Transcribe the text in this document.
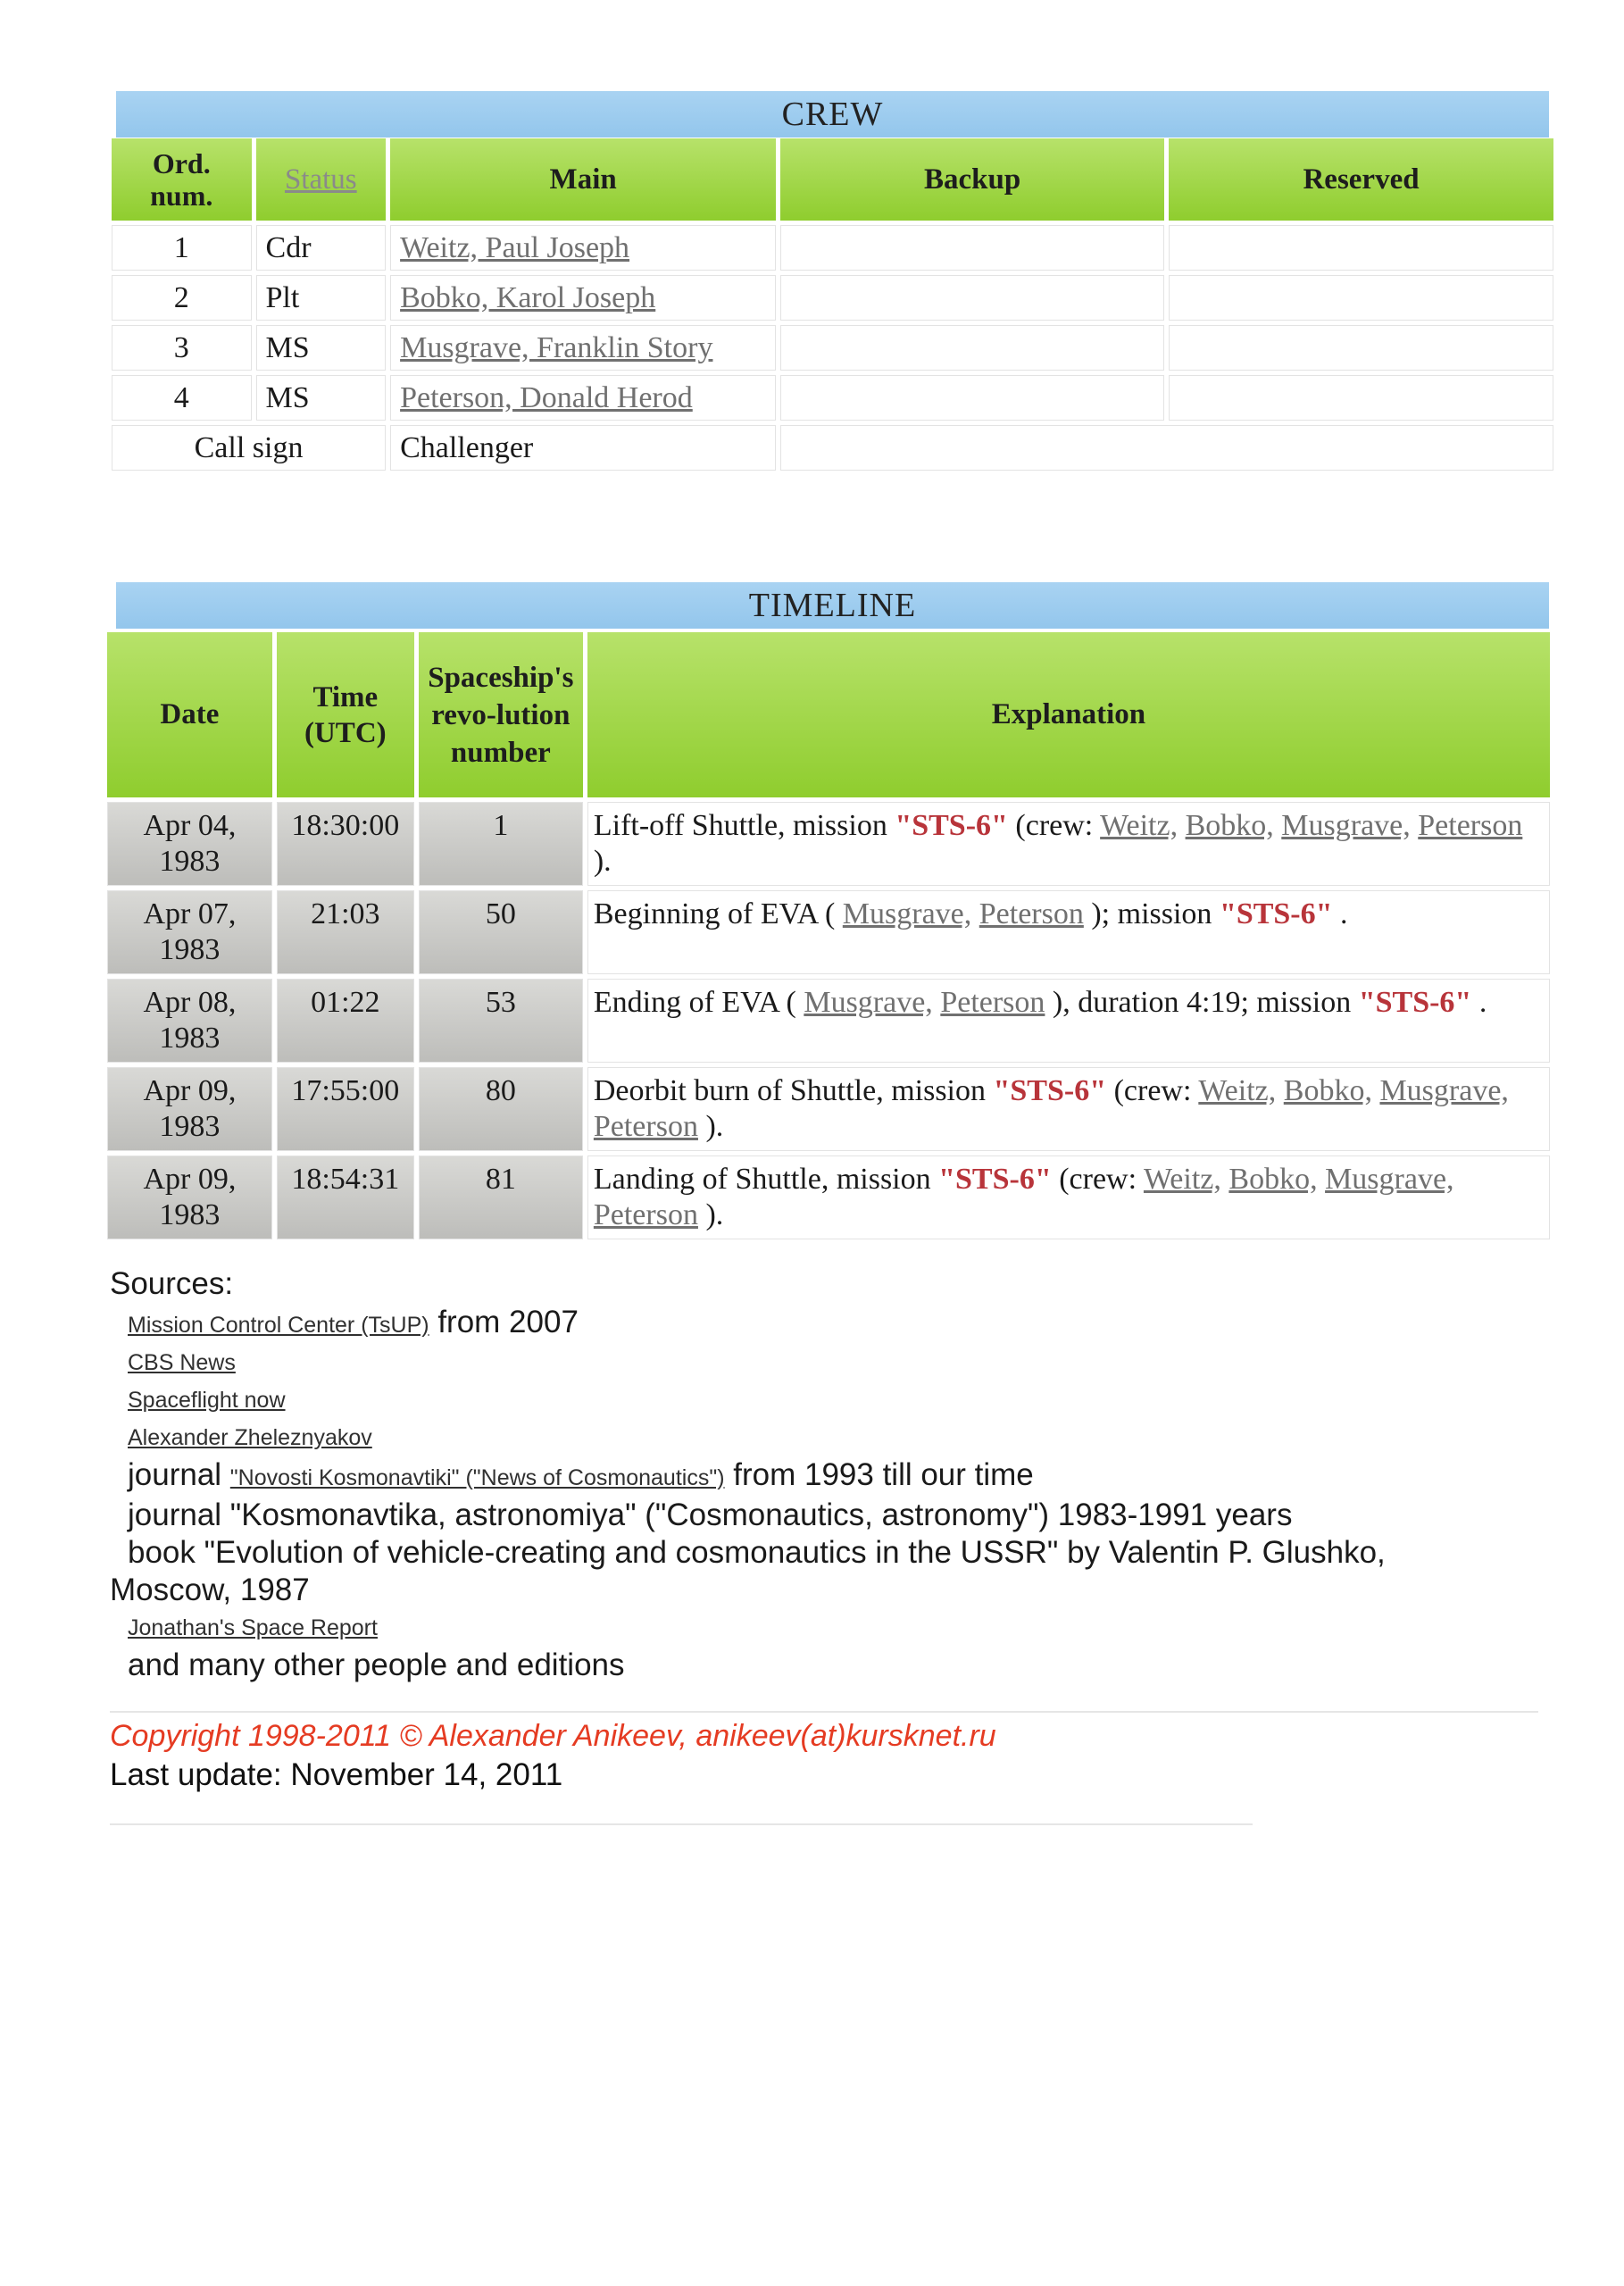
CREW
Ord. num.	Status	Main	Backup	Reserved
1	Cdr	Weitz, Paul Joseph		
2	Plt	Bobko, Karol Joseph		
3	MS	Musgrave, Franklin Story		
4	MS	Peterson, Donald Herod		
Call sign		Challenger		
TIMELINE
Date	Time (UTC)	Spaceship's revo-lution number	Explanation
Apr 04, 1983	18:30:00	1	Lift-off Shuttle, mission "STS-6" (crew: Weitz, Bobko, Musgrave, Peterson ).
Apr 07, 1983	21:03	50	Beginning of EVA ( Musgrave, Peterson ); mission "STS-6" .
Apr 08, 1983	01:22	53	Ending of EVA ( Musgrave, Peterson ), duration 4:19; mission "STS-6" .
Apr 09, 1983	17:55:00	80	Deorbit burn of Shuttle, mission "STS-6" (crew: Weitz, Bobko, Musgrave, Peterson ).
Apr 09, 1983	18:54:31	81	Landing of Shuttle, mission "STS-6" (crew: Weitz, Bobko, Musgrave, Peterson ).
Sources:
Mission Control Center (TsUP) from 2007
CBS News
Spaceflight now
Alexander Zheleznyakov
journal "Novosti Kosmonavtiki" ("News of Cosmonautics") from 1993 till our time
journal "Kosmonavtika, astronomiya" ("Cosmonautics, astronomy") 1983-1991 years
book "Evolution of vehicle-creating and cosmonautics in the USSR" by Valentin P. Glushko,
Moscow, 1987
Jonathan's Space Report
and many other people and editions
Copyright 1998-2011 © Alexander Anikeev, anikeev(at)kursknet.ru
Last update: November 14, 2011
